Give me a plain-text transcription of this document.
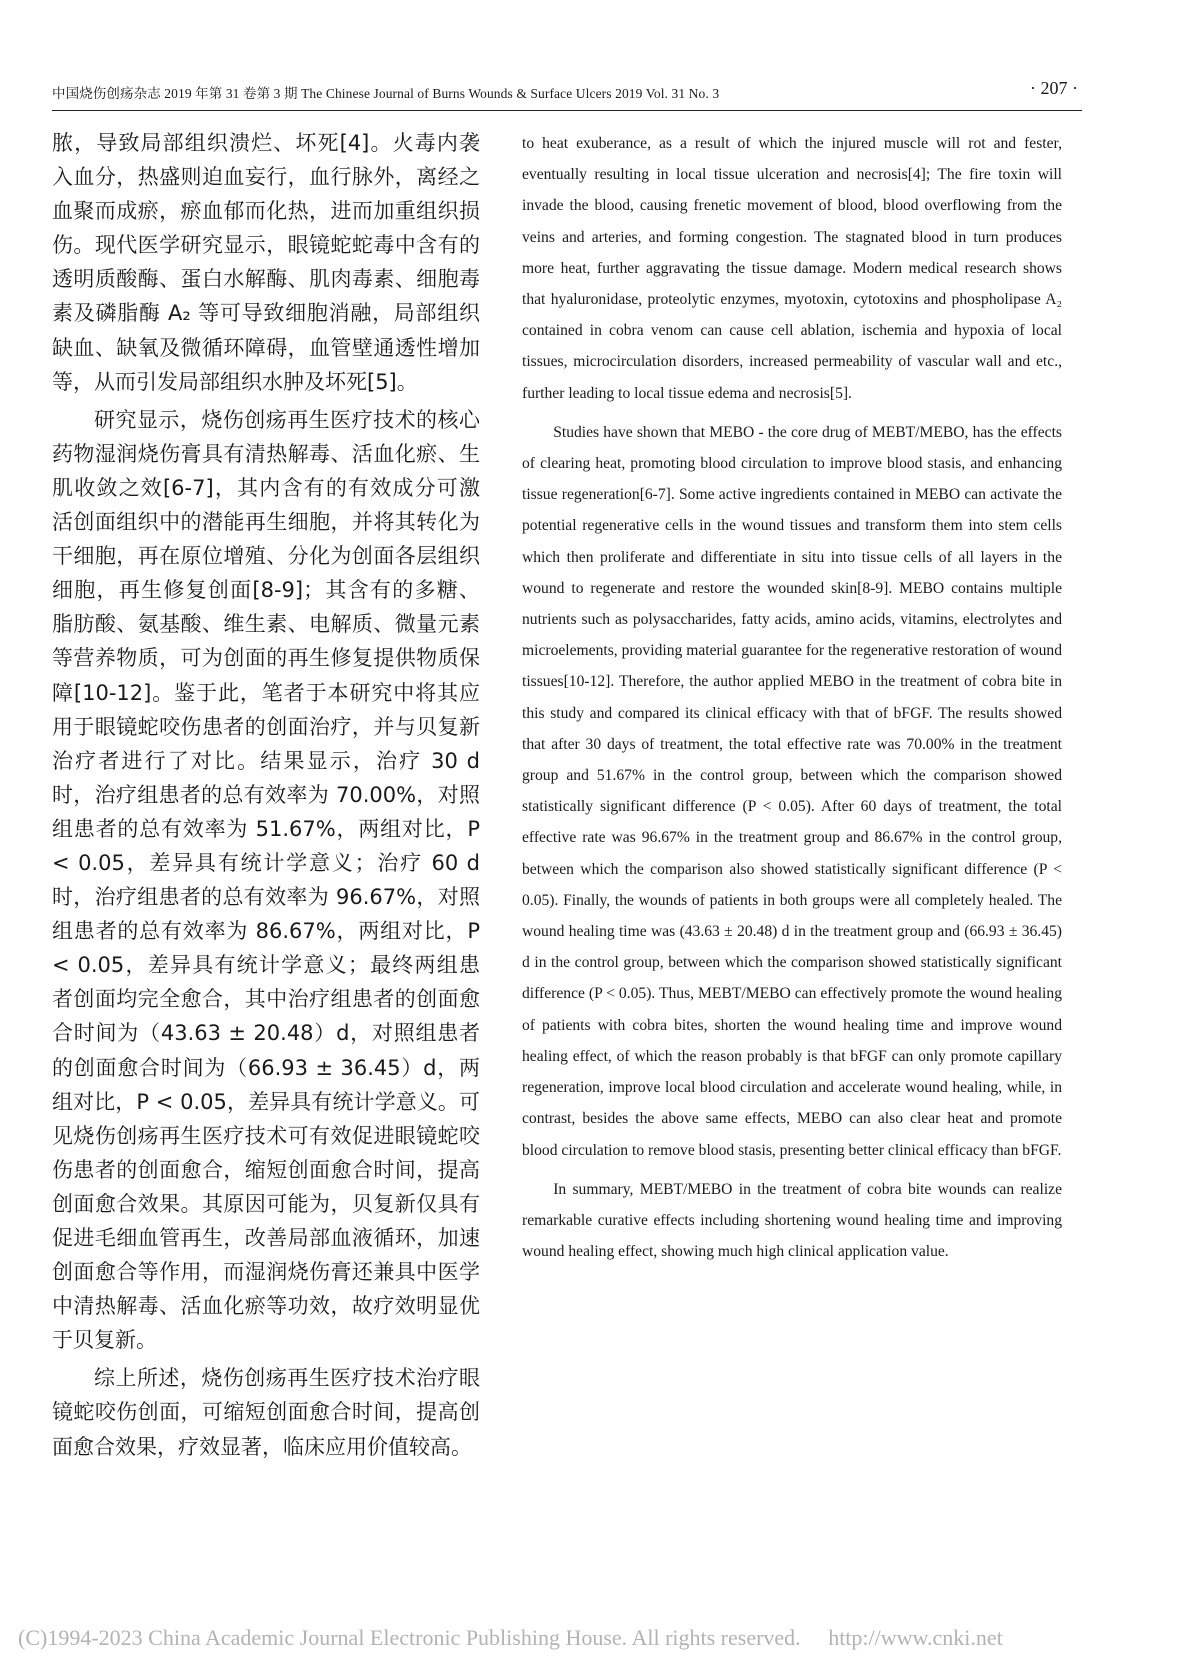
中国烧伤创疡杂志 2019 年第 31 卷第 3 期 The Chinese Journal of Burns Wounds & Surface Ulcers 2019 Vol. 31 No. 3	· 207 ·

脓，导致局部组织溃烂、坏死[4]。火毒内袭入血分，热盛则迫血妄行，血行脉外，离经之血聚而成瘀，瘀血郁而化热，进而加重组织损伤。现代医学研究显示，眼镜蛇蛇毒中含有的透明质酸酶、蛋白水解酶、肌肉毒素、细胞毒素及磷脂酶 A₂ 等可导致细胞消融，局部组织缺血、缺氧及微循环障碍，血管壁通透性增加等，从而引发局部组织水肿及坏死[5]。

研究显示，烧伤创疡再生医疗技术的核心药物湿润烧伤膏具有清热解毒、活血化瘀、生肌收敛之效[6-7]，其内含有的有效成分可激活创面组织中的潜能再生细胞，并将其转化为干细胞，再在原位增殖、分化为创面各层组织细胞，再生修复创面[8-9]；其含有的多糖、脂肪酸、氨基酸、维生素、电解质、微量元素等营养物质，可为创面的再生修复提供物质保障[10-12]。鉴于此，笔者于本研究中将其应用于眼镜蛇咬伤患者的创面治疗，并与贝复新治疗者进行了对比。结果显示，治疗 30 d 时，治疗组患者的总有效率为 70.00%，对照组患者的总有效率为 51.67%，两组对比，P < 0.05，差异具有统计学意义；治疗 60 d 时，治疗组患者的总有效率为 96.67%，对照组患者的总有效率为 86.67%，两组对比，P < 0.05，差异具有统计学意义；最终两组患者创面均完全愈合，其中治疗组患者的创面愈合时间为（43.63 ± 20.48）d，对照组患者的创面愈合时间为（66.93 ± 36.45）d，两组对比，P < 0.05，差异具有统计学意义。可见烧伤创疡再生医疗技术可有效促进眼镜蛇咬伤患者的创面愈合，缩短创面愈合时间，提高创面愈合效果。其原因可能为，贝复新仅具有促进毛细血管再生，改善局部血液循环，加速创面愈合等作用，而湿润烧伤膏还兼具中医学中清热解毒、活血化瘀等功效，故疗效明显优于贝复新。

综上所述，烧伤创疡再生医疗技术治疗眼镜蛇咬伤创面，可缩短创面愈合时间，提高创面愈合效果，疗效显著，临床应用价值较高。

to heat exuberance, as a result of which the injured muscle will rot and fester, eventually resulting in local tissue ulceration and necrosis[4]; The fire toxin will invade the blood, causing frenetic movement of blood, blood overflowing from the veins and arteries, and forming congestion. The stagnated blood in turn produces more heat, further aggravating the tissue damage. Modern medical research shows that hyaluronidase, proteolytic enzymes, myotoxin, cytotoxins and phospholipase A₂ contained in cobra venom can cause cell ablation, ischemia and hypoxia of local tissues, microcirculation disorders, increased permeability of vascular wall and etc., further leading to local tissue edema and necrosis[5].

Studies have shown that MEBO - the core drug of MEBT/MEBO, has the effects of clearing heat, promoting blood circulation to improve blood stasis, and enhancing tissue regeneration[6-7]. Some active ingredients contained in MEBO can activate the potential regenerative cells in the wound tissues and transform them into stem cells which then proliferate and differentiate in situ into tissue cells of all layers in the wound to regenerate and restore the wounded skin[8-9]. MEBO contains multiple nutrients such as polysaccharides, fatty acids, amino acids, vitamins, electrolytes and microelements, providing material guarantee for the regenerative restoration of wound tissues[10-12]. Therefore, the author applied MEBO in the treatment of cobra bite in this study and compared its clinical efficacy with that of bFGF. The results showed that after 30 days of treatment, the total effective rate was 70.00% in the treatment group and 51.67% in the control group, between which the comparison showed statistically significant difference (P < 0.05). After 60 days of treatment, the total effective rate was 96.67% in the treatment group and 86.67% in the control group, between which the comparison also showed statistically significant difference (P < 0.05). Finally, the wounds of patients in both groups were all completely healed. The wound healing time was (43.63 ± 20.48) d in the treatment group and (66.93 ± 36.45) d in the control group, between which the comparison showed statistically significant difference (P < 0.05). Thus, MEBT/MEBO can effectively promote the wound healing of patients with cobra bites, shorten the wound healing time and improve wound healing effect, of which the reason probably is that bFGF can only promote capillary regeneration, improve local blood circulation and accelerate wound healing, while, in contrast, besides the above same effects, MEBO can also clear heat and promote blood circulation to remove blood stasis, presenting better clinical efficacy than bFGF.

In summary, MEBT/MEBO in the treatment of cobra bite wounds can realize remarkable curative effects including shortening wound healing time and improving wound healing effect, showing much high clinical application value.

(C)1994-2023 China Academic Journal Electronic Publishing House. All rights reserved. http://www.cnki.net
